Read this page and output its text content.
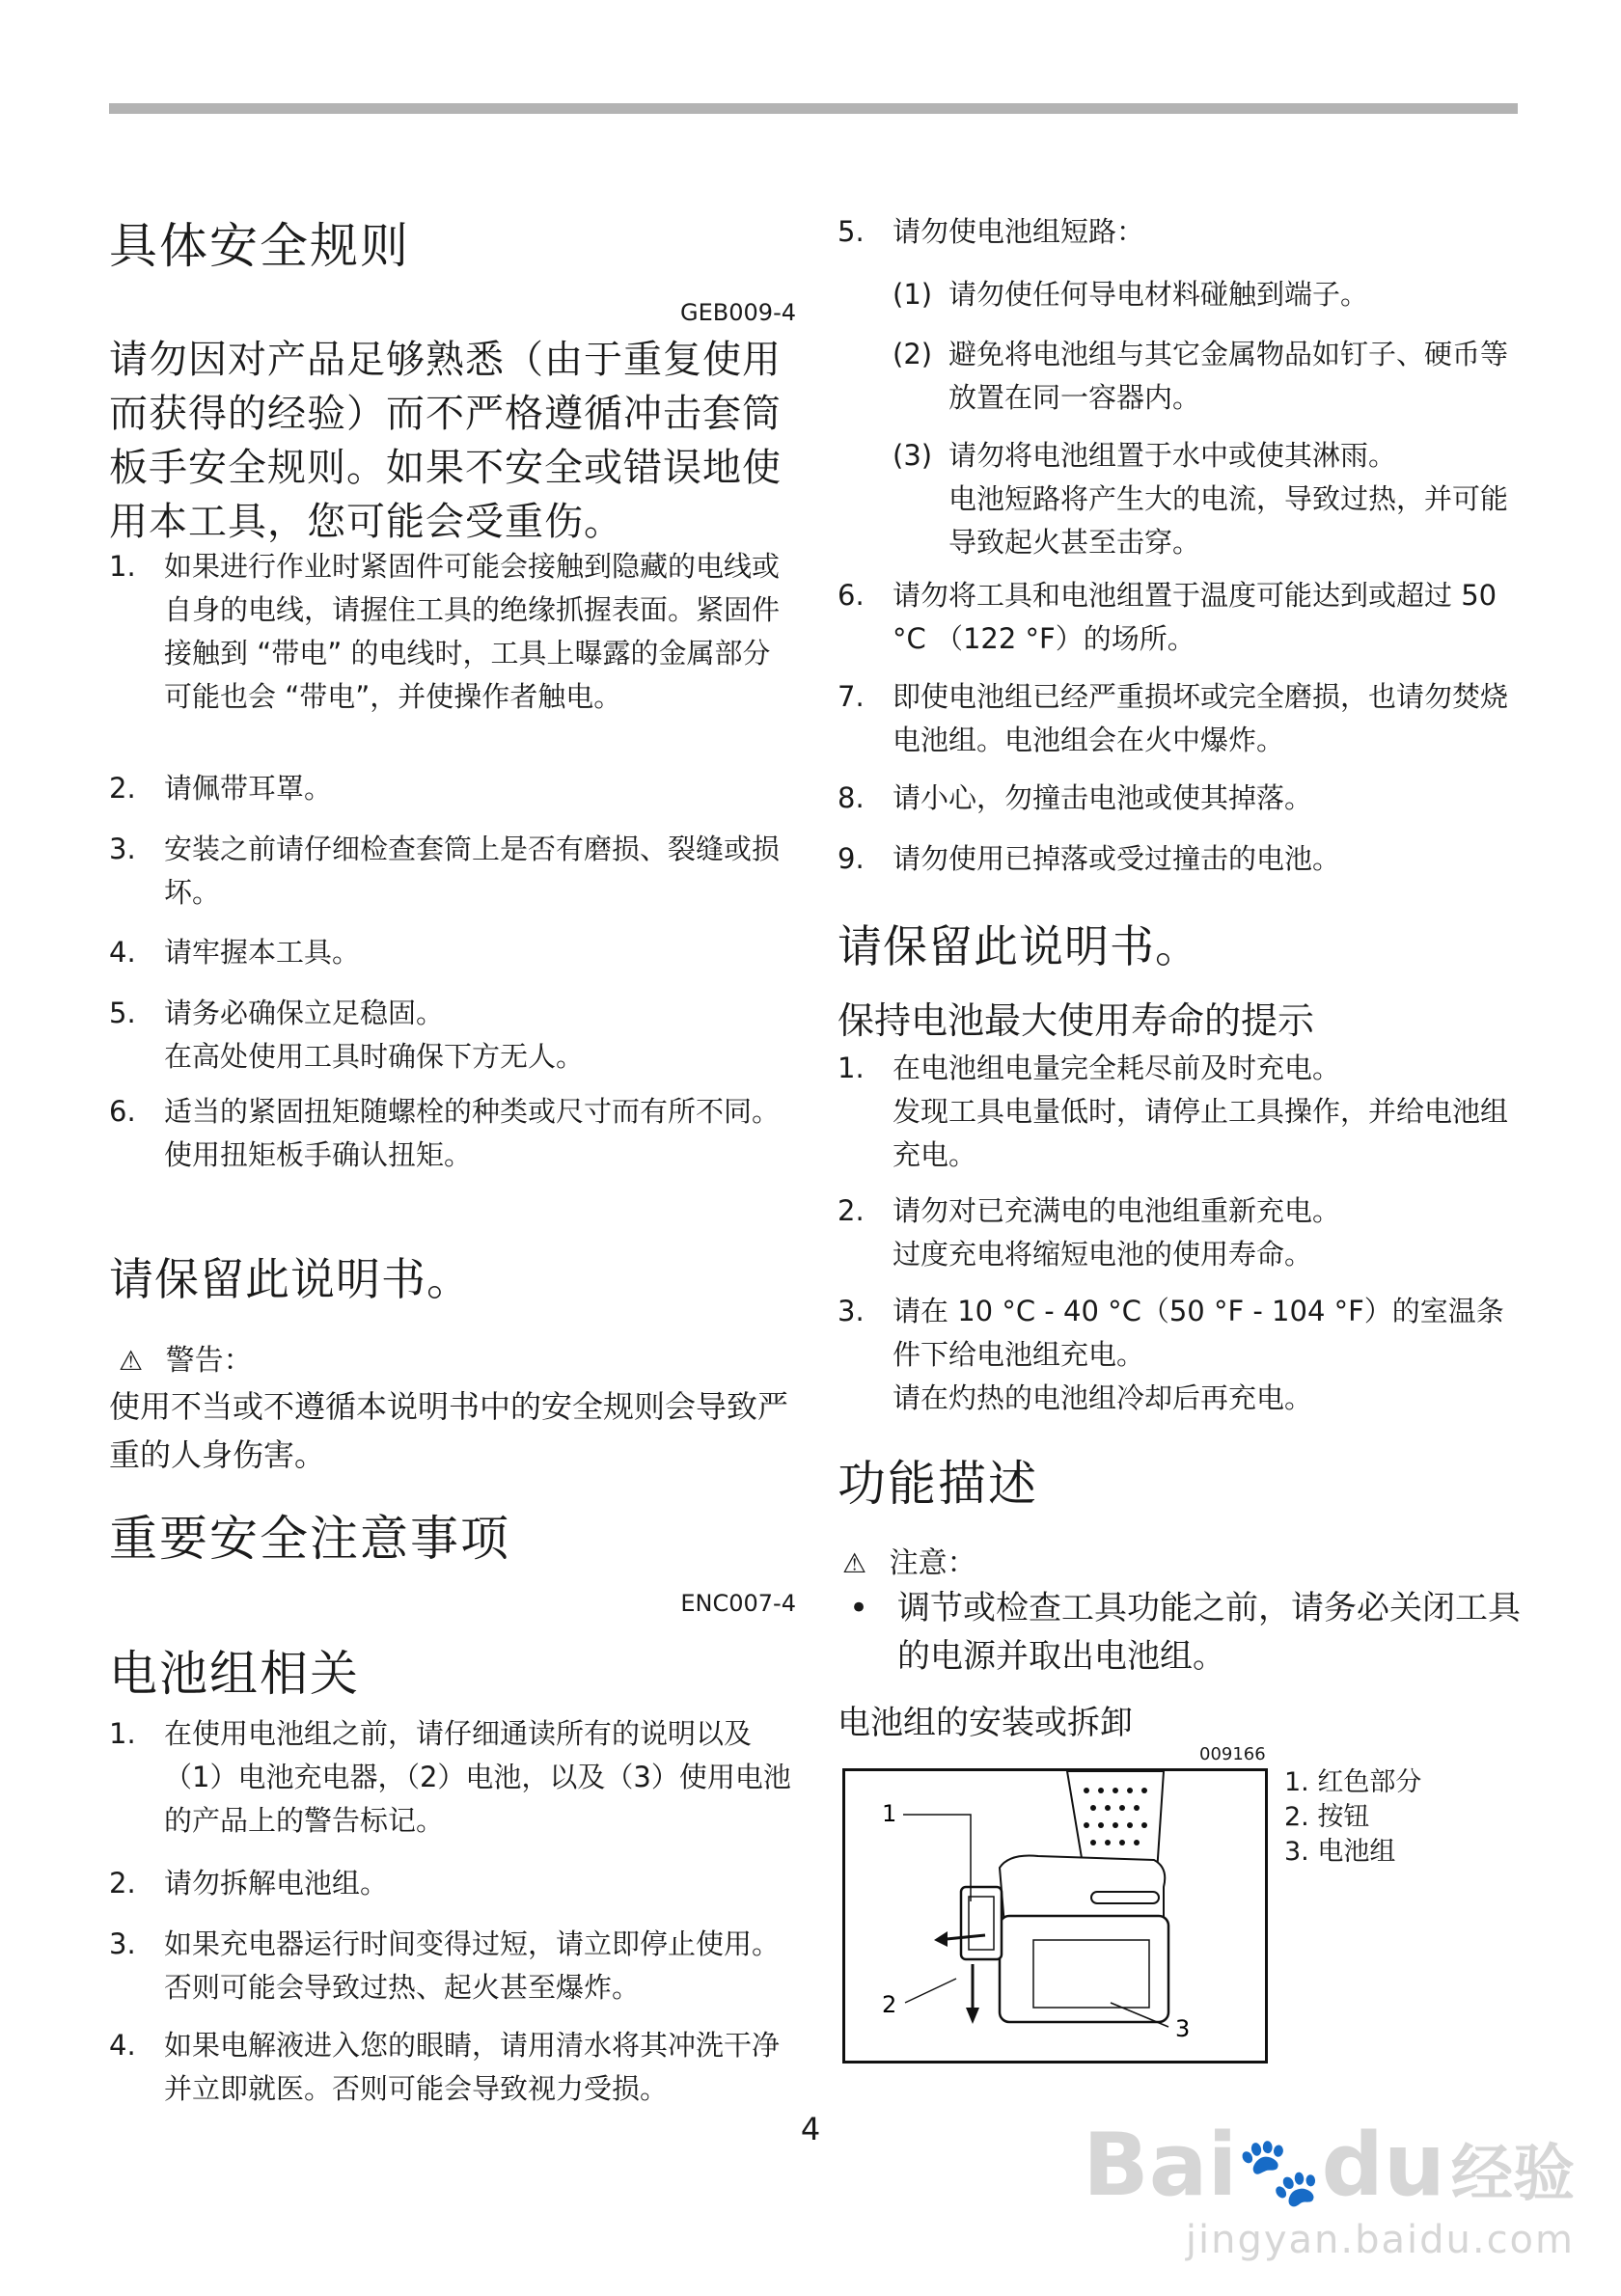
具体安全规则
GEB009-4
请勿因对产品足够熟悉（由于重复使用而获得的经验）而不严格遵循冲击套筒板手安全规则。如果不安全或错误地使用本工具，您可能会受重伤。
1. 如果进行作业时紧固件可能会接触到隐藏的电线或自身的电线，请握住工具的绝缘抓握表面。紧固件接触到 “带电” 的电线时，工具上曝露的金属部分可能也会 “带电”，并使操作者触电。
2. 请佩带耳罩。
3. 安装之前请仔细检查套筒上是否有磨损、裂缝或损坏。
4. 请牢握本工具。
5. 请务必确保立足稳固。
在高处使用工具时确保下方无人。
6. 适当的紧固扭矩随螺栓的种类或尺寸而有所不同。
使用扭矩板手确认扭矩。
请保留此说明书。
⚠ 警告：
使用不当或不遵循本说明书中的安全规则会导致严重的人身伤害。
重要安全注意事项
ENC007-4
电池组相关
1. 在使用电池组之前，请仔细通读所有的说明以及（1）电池充电器，（2）电池，以及（3）使用电池的产品上的警告标记。
2. 请勿拆解电池组。
3. 如果充电器运行时间变得过短，请立即停止使用。否则可能会导致过热、起火甚至爆炸。
4. 如果电解液进入您的眼睛，请用清水将其冲洗干净并立即就医。否则可能会导致视力受损。
5. 请勿使电池组短路：
(1) 请勿使任何导电材料碰触到端子。
(2) 避免将电池组与其它金属物品如钉子、硬币等放置在同一容器内。
(3) 请勿将电池组置于水中或使其淋雨。
电池短路将产生大的电流，导致过热，并可能导致起火甚至击穿。
6. 请勿将工具和电池组置于温度可能达到或超过 50 °C （122 °F）的场所。
7. 即使电池组已经严重损坏或完全磨损，也请勿焚烧电池组。电池组会在火中爆炸。
8. 请小心，勿撞击电池或使其掉落。
9. 请勿使用已掉落或受过撞击的电池。
请保留此说明书。
保持电池最大使用寿命的提示
1. 在电池组电量完全耗尽前及时充电。
发现工具电量低时，请停止工具操作，并给电池组充电。
2. 请勿对已充满电的电池组重新充电。
过度充电将缩短电池的使用寿命。
3. 请在 10 °C - 40 °C（50 °F - 104 °F）的室温条件下给电池组充电。
请在灼热的电池组冷却后再充电。
功能描述
⚠ 注意：
• 调节或检查工具功能之前，请务必关闭工具的电源并取出电池组。
电池组的安装或拆卸
009166
1
2
3
1. 红色部分
2. 按钮
3. 电池组
4	Bai🐾du经验
jingyan.baidu.com
